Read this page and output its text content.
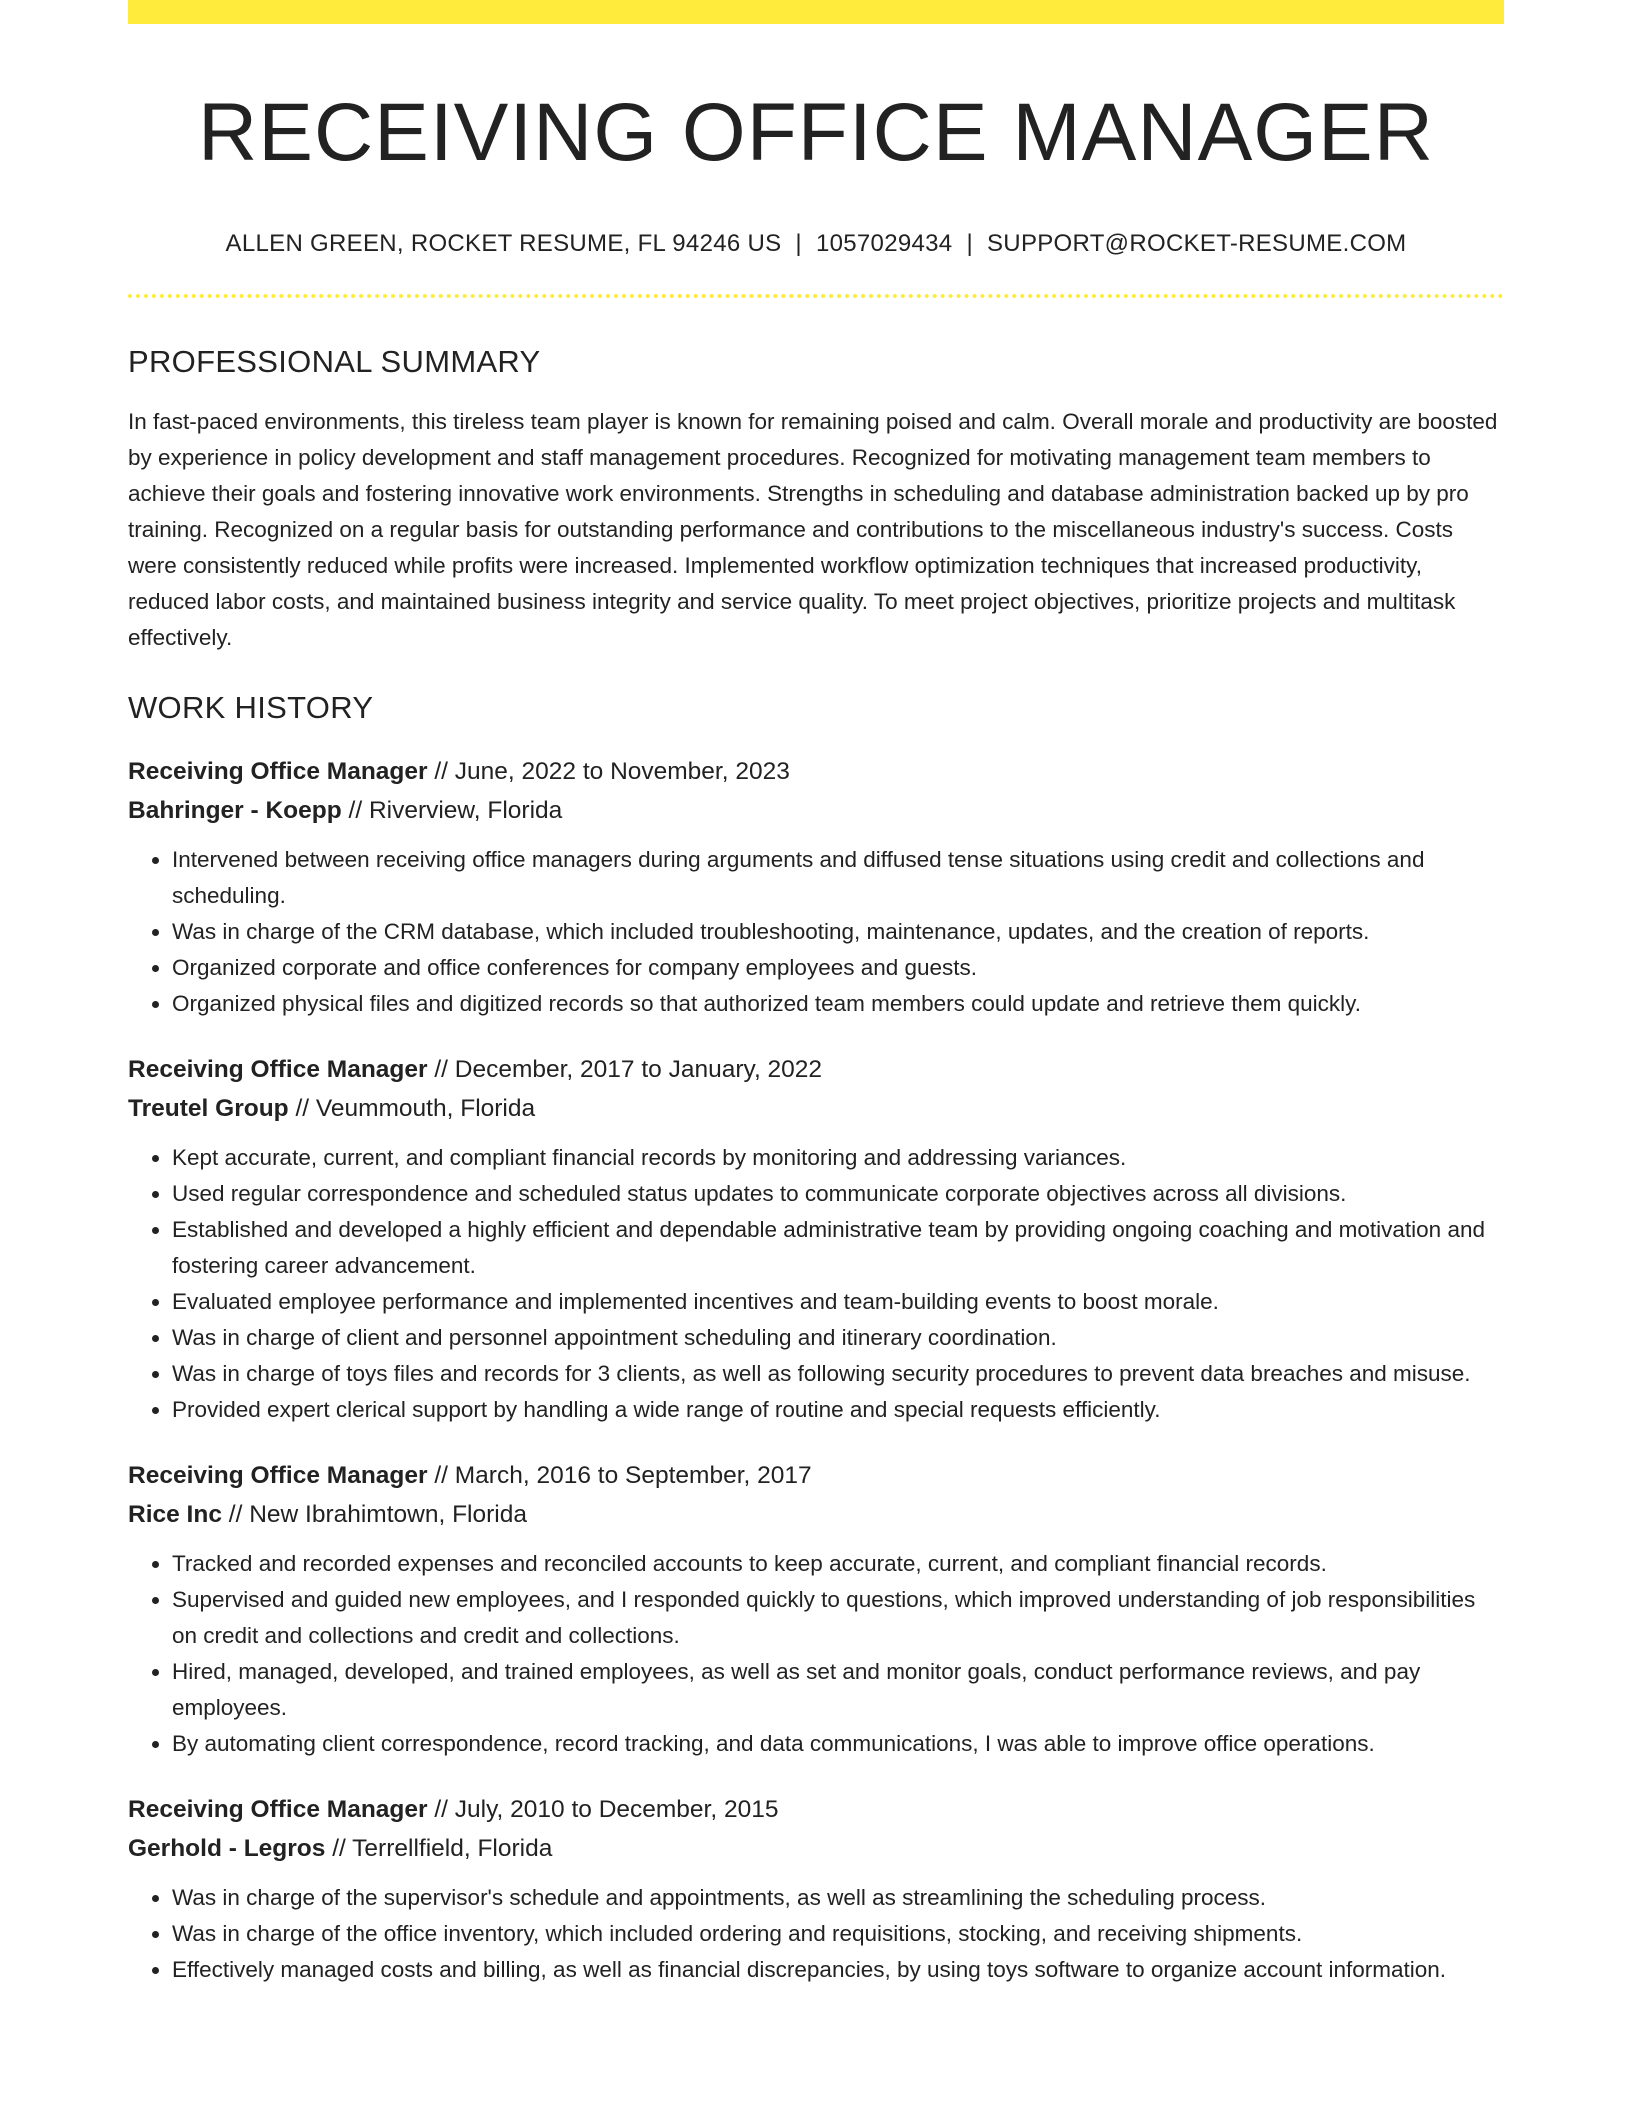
RECEIVING OFFICE MANAGER
ALLEN GREEN, ROCKET RESUME, FL 94246 US | 1057029434 | SUPPORT@ROCKET-RESUME.COM
PROFESSIONAL SUMMARY

In fast-paced environments, this tireless team player is known for remaining poised and calm. Overall morale and productivity are boosted by experience in policy development and staff management procedures. Recognized for motivating management team members to achieve their goals and fostering innovative work environments. Strengths in scheduling and database administration backed up by pro training. Recognized on a regular basis for outstanding performance and contributions to the miscellaneous industry's success. Costs were consistently reduced while profits were increased. Implemented workflow optimization techniques that increased productivity, reduced labor costs, and maintained business integrity and service quality. To meet project objectives, prioritize projects and multitask effectively.

WORK HISTORY
Receiving Office Manager // June, 2022 to November, 2023
Bahringer - Koepp // Riverview, Florida
• Intervened between receiving office managers during arguments and diffused tense situations using credit and collections and scheduling.
• Was in charge of the CRM database, which included troubleshooting, maintenance, updates, and the creation of reports.
• Organized corporate and office conferences for company employees and guests.
• Organized physical files and digitized records so that authorized team members could update and retrieve them quickly.
Receiving Office Manager // December, 2017 to January, 2022
Treutel Group // Veummouth, Florida
• Kept accurate, current, and compliant financial records by monitoring and addressing variances.
• Used regular correspondence and scheduled status updates to communicate corporate objectives across all divisions.
• Established and developed a highly efficient and dependable administrative team by providing ongoing coaching and motivation and fostering career advancement.
• Evaluated employee performance and implemented incentives and team-building events to boost morale.
• Was in charge of client and personnel appointment scheduling and itinerary coordination.
• Was in charge of toys files and records for 3 clients, as well as following security procedures to prevent data breaches and misuse.
• Provided expert clerical support by handling a wide range of routine and special requests efficiently.
Receiving Office Manager // March, 2016 to September, 2017
Rice Inc // New Ibrahimtown, Florida
• Tracked and recorded expenses and reconciled accounts to keep accurate, current, and compliant financial records.
• Supervised and guided new employees, and I responded quickly to questions, which improved understanding of job responsibilities on credit and collections and credit and collections.
• Hired, managed, developed, and trained employees, as well as set and monitor goals, conduct performance reviews, and pay employees.
• By automating client correspondence, record tracking, and data communications, I was able to improve office operations.
Receiving Office Manager // July, 2010 to December, 2015
Gerhold - Legros // Terrellfield, Florida
• Was in charge of the supervisor's schedule and appointments, as well as streamlining the scheduling process.
• Was in charge of the office inventory, which included ordering and requisitions, stocking, and receiving shipments.
• Effectively managed costs and billing, as well as financial discrepancies, by using toys software to organize account information.
